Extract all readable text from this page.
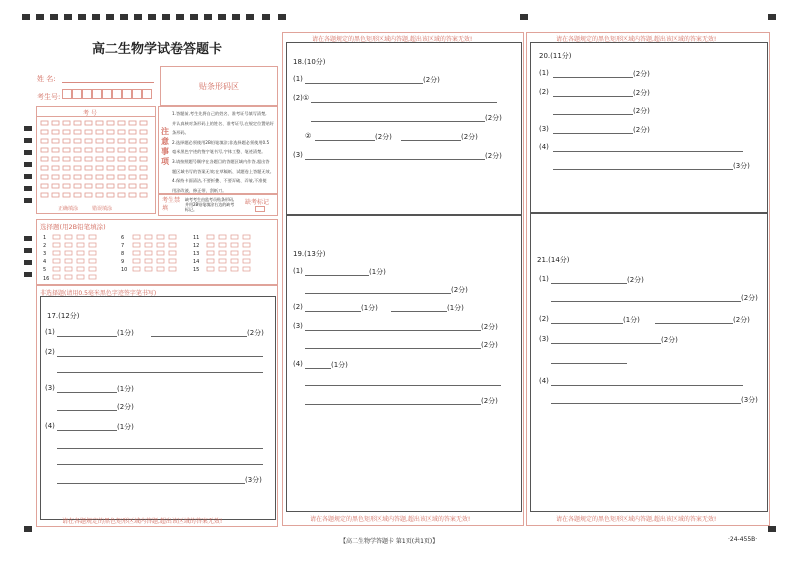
高二生物学试卷答题卡
姓 名:
考生号:
贴条形码区
考 号
注意事项
1.答题前,考生先将自己的姓名、准考证号填写清楚,
并认真核对条形码上的姓名、准考证号,在规定位置贴好条形码。
2.选择题必须使用2B铅笔填涂;非选择题必须使用0.5
毫米黑色字迹的签字笔书写,字体工整、笔迹清楚。
3.请按照题号顺序在各题目的答题区域内作答,超出答
题区域书写的答案无效;在草稿纸、试题卷上答题无效。
4.保持卡面清洁,不要折叠、不要弄破、弄皱,不准使
用涂改液、修正带、刮纸刀。
正确填涂	错误填涂
考生禁填
缺考考生由监考员贴条形码,并用2B铅笔填涂右边的缺考标记。
缺考标记
选择题(用2B铅笔填涂)
1
2
3
4
5
6
7
8
9
10
11
12
13
14
15
16
非选择题(请用0.5毫米黑色字迹签字笔书写)
17.(12分)
(1)	(1分)	(2分)
(2)
(3)	(1分)
(2分)
(4)	(1分)
(3分)
请在各题规定的黑色矩形区域内答题,超出该区域的答案无效!
请在各题规定的黑色矩形区域内答题,超出该区域的答案无效!
18.(10分)
(1)	(2分)
(2)①
(2分)
②	(2分)	(2分)
(3)	(2分)
19.(13分)
(1)	(1分)
(2分)
(2)	(1分)	(1分)
(3)	(2分)
(2分)
(4)	(1分)
(2分)
请在各题规定的黑色矩形区域内答题,超出该区域的答案无效!
请在各题规定的黑色矩形区域内答题,超出该区域的答案无效!
20.(11分)
(1)	(2分)
(2)	(2分)
(2分)
(3)	(2分)
(4)
(3分)
21.(14分)
(1)	(2分)
(2分)
(2)	(1分)	(2分)
(3)	(2分)
(4)
(3分)
请在各题规定的黑色矩形区域内答题,超出该区域的答案无效!
【高二生物学答题卡 第1页(共1页)】	·24-455B·
